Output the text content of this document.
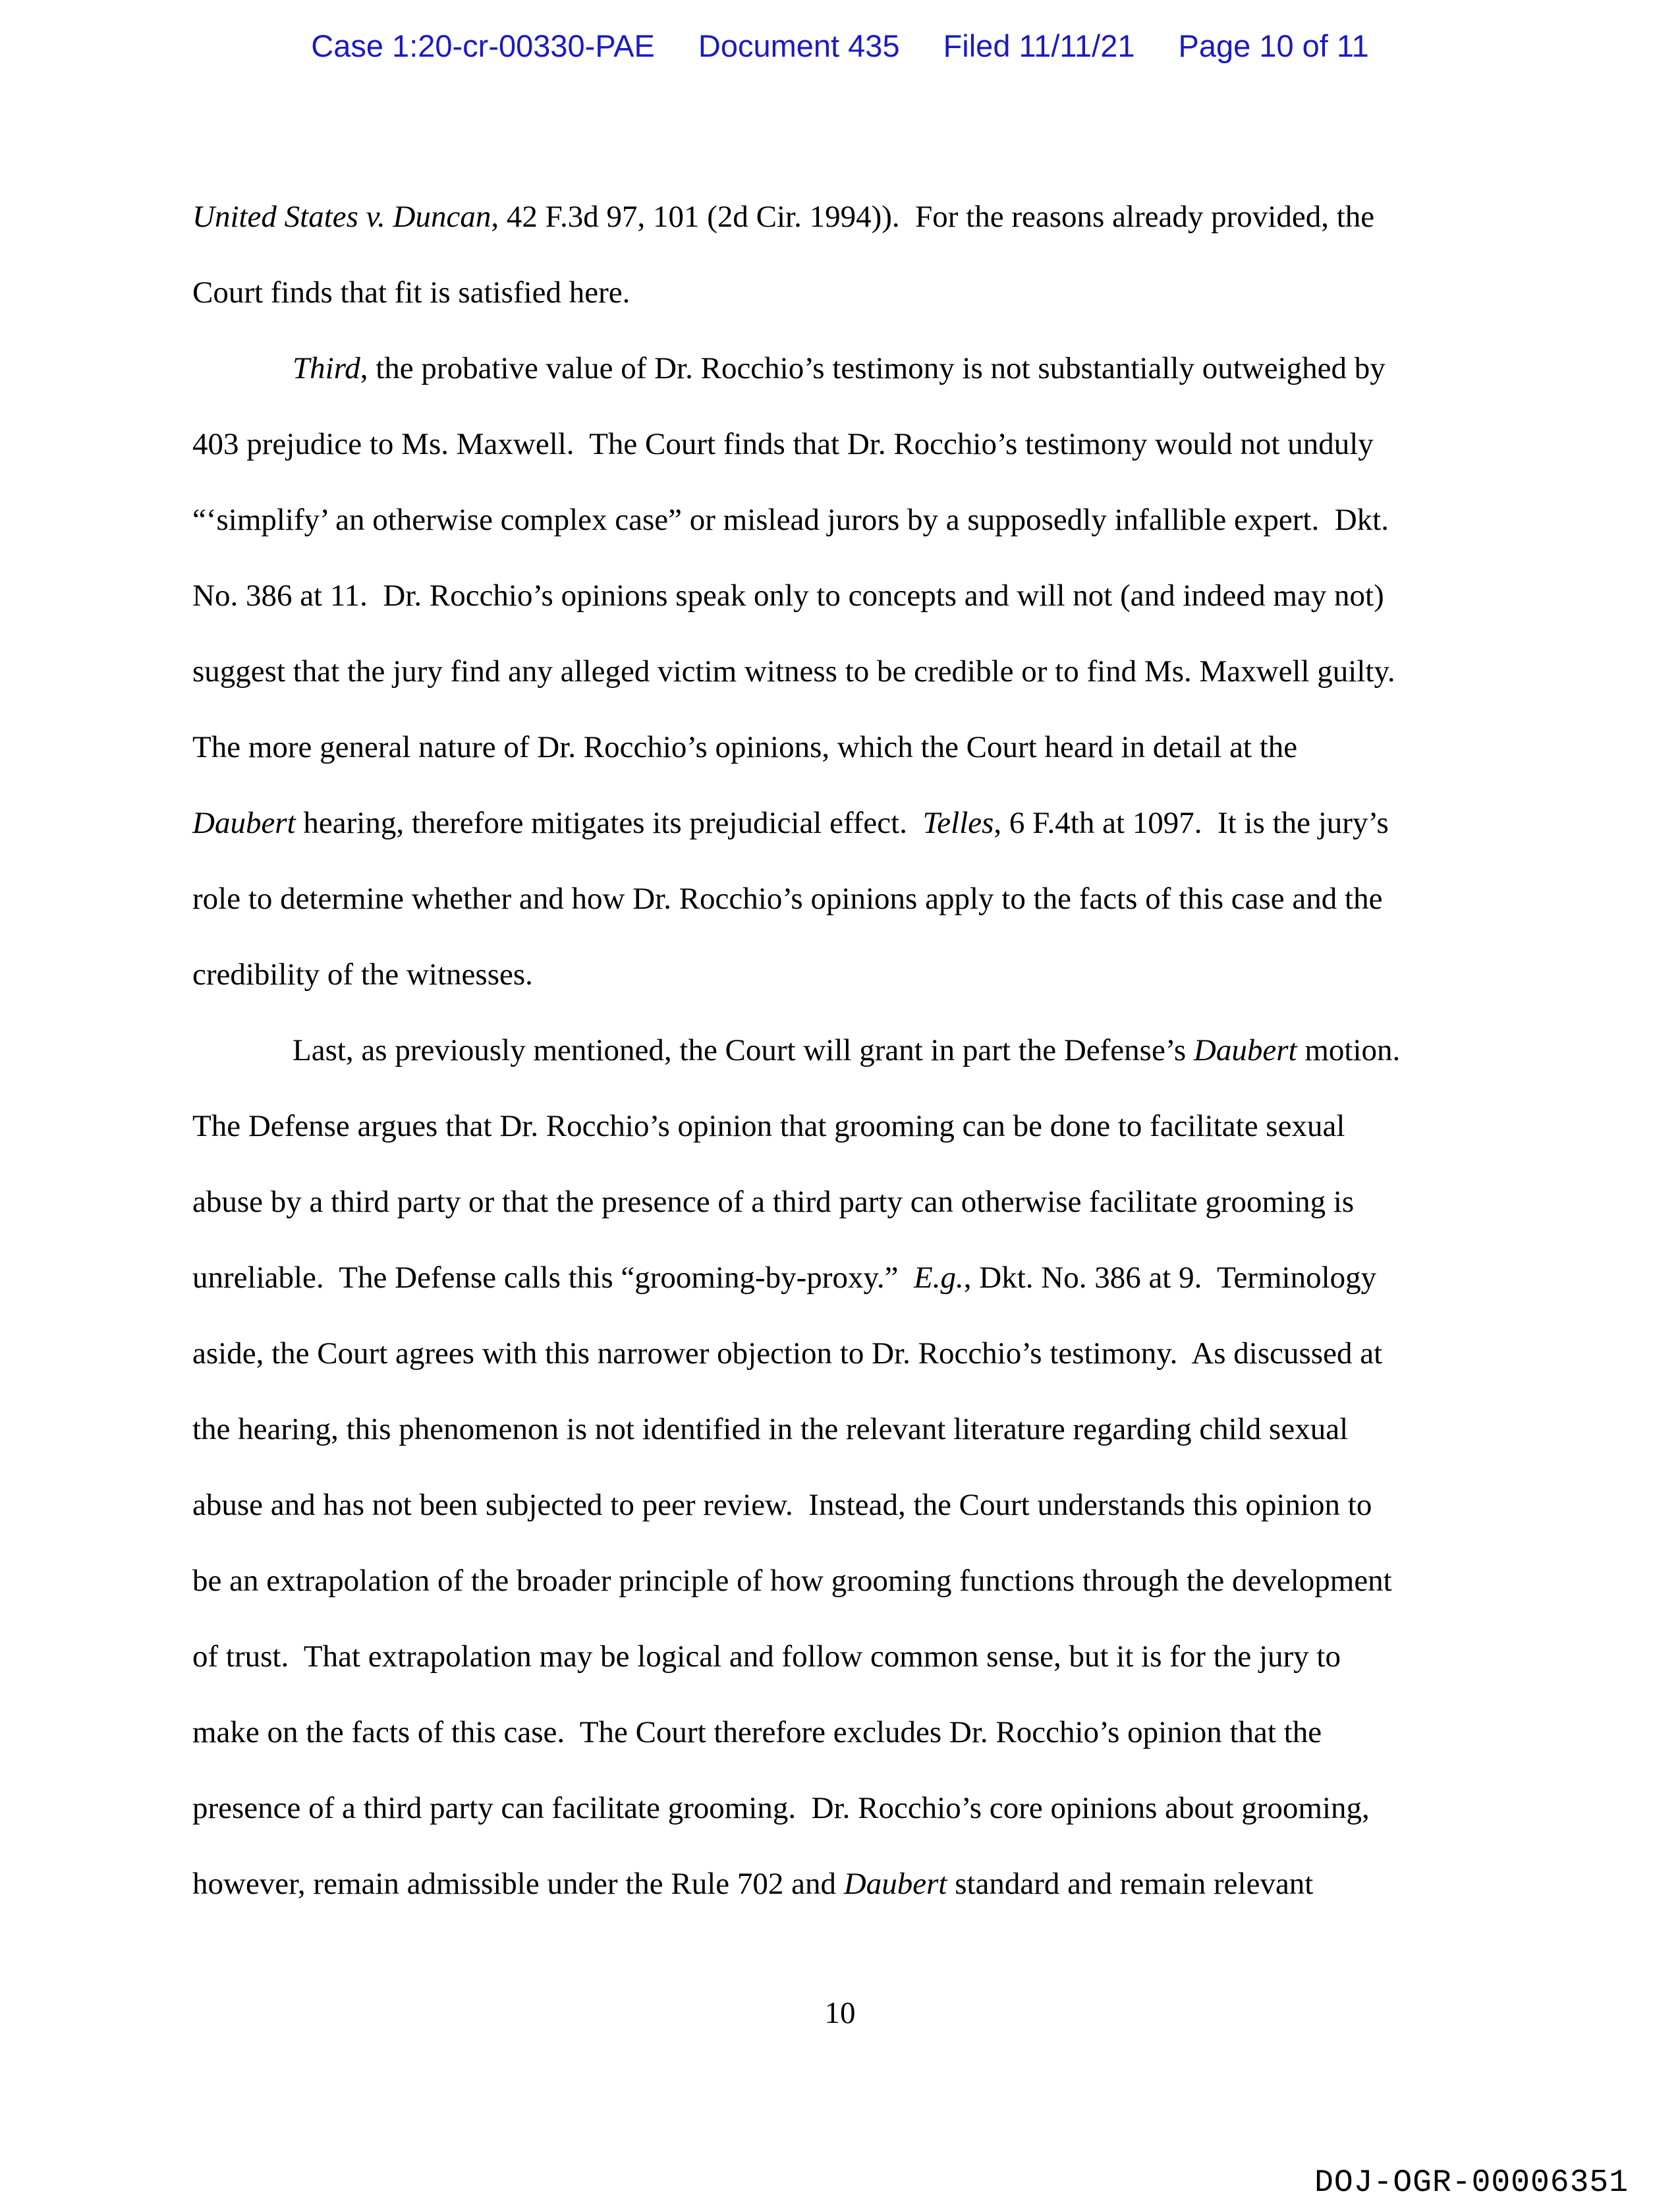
Case 1:20-cr-00330-PAE Document 435 Filed 11/11/21 Page 10 of 11
United States v. Duncan, 42 F.3d 97, 101 (2d Cir. 1994)).  For the reasons already provided, the
Court finds that fit is satisfied here.
Third, the probative value of Dr. Rocchio’s testimony is not substantially outweighed by
403 prejudice to Ms. Maxwell.  The Court finds that Dr. Rocchio’s testimony would not unduly
“‘simplify’ an otherwise complex case” or mislead jurors by a supposedly infallible expert.  Dkt.
No. 386 at 11.  Dr. Rocchio’s opinions speak only to concepts and will not (and indeed may not)
suggest that the jury find any alleged victim witness to be credible or to find Ms. Maxwell guilty.
The more general nature of Dr. Rocchio’s opinions, which the Court heard in detail at the
Daubert hearing, therefore mitigates its prejudicial effect.  Telles, 6 F.4th at 1097.  It is the jury’s
role to determine whether and how Dr. Rocchio’s opinions apply to the facts of this case and the
credibility of the witnesses.
Last, as previously mentioned, the Court will grant in part the Defense’s Daubert motion.
The Defense argues that Dr. Rocchio’s opinion that grooming can be done to facilitate sexual
abuse by a third party or that the presence of a third party can otherwise facilitate grooming is
unreliable.  The Defense calls this “grooming-by-proxy.”  E.g., Dkt. No. 386 at 9.  Terminology
aside, the Court agrees with this narrower objection to Dr. Rocchio’s testimony.  As discussed at
the hearing, this phenomenon is not identified in the relevant literature regarding child sexual
abuse and has not been subjected to peer review.  Instead, the Court understands this opinion to
be an extrapolation of the broader principle of how grooming functions through the development
of trust.  That extrapolation may be logical and follow common sense, but it is for the jury to
make on the facts of this case.  The Court therefore excludes Dr. Rocchio’s opinion that the
presence of a third party can facilitate grooming.  Dr. Rocchio’s core opinions about grooming,
however, remain admissible under the Rule 702 and Daubert standard and remain relevant
10
DOJ-OGR-00006351
